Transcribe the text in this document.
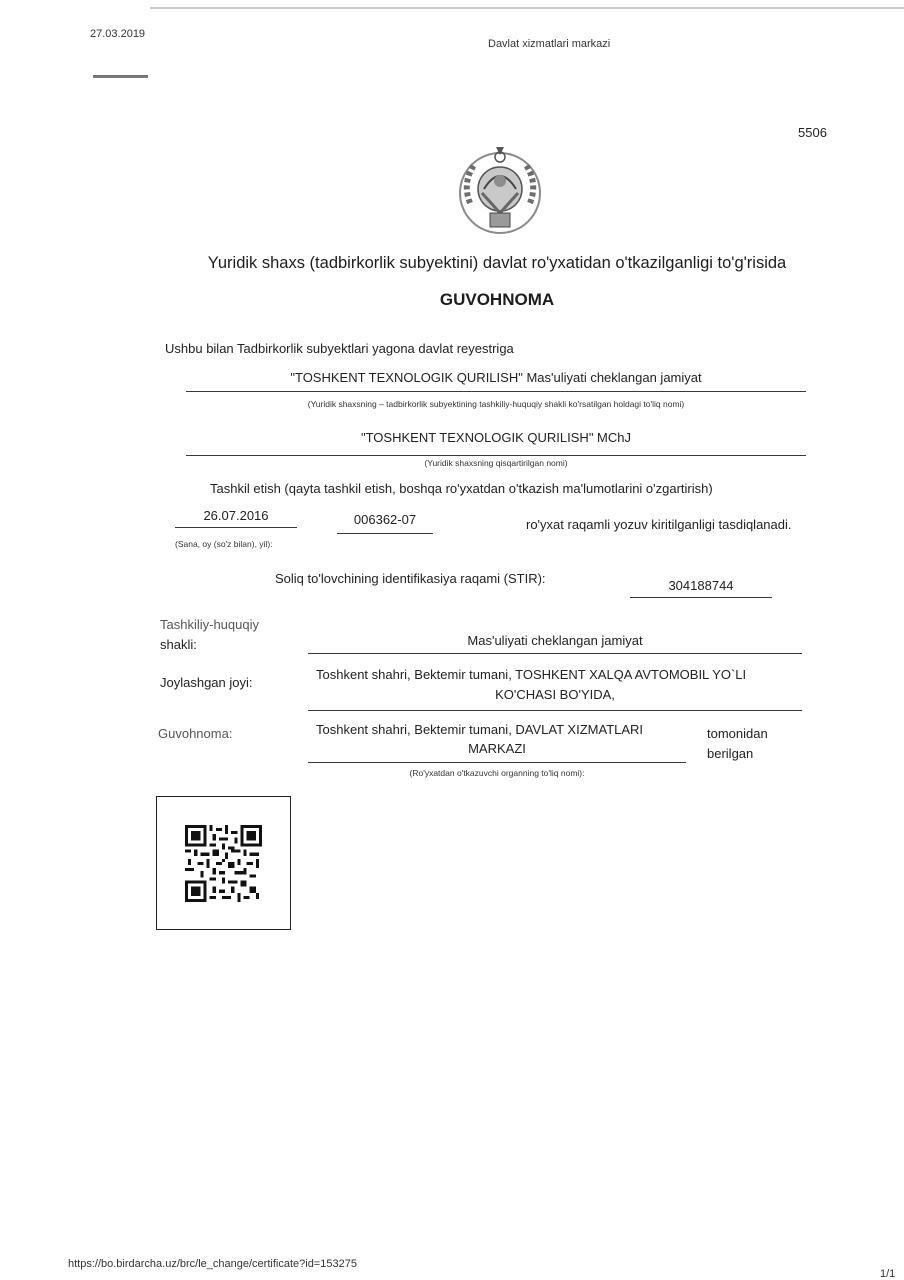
27.03.2019
Davlat xizmatlari markazi
5506
Yuridik shaxs (tadbirkorlik subyektini) davlat ro'yxatidan o'tkazilganligi to'g'risida
GUVOHNOMA
Ushbu bilan Tadbirkorlik subyektlari yagona davlat reyestriga
"TOSHKENT TEXNOLOGIK QURILISH" Mas'uliyati cheklangan jamiyat
(Yuridik shaxsning – tadbirkorlik subyektining tashkiliy-huquqiy shakli ko'rsatilgan holdagi to'liq nomi)
"TOSHKENT TEXNOLOGIK QURILISH" MChJ
(Yuridik shaxsning qisqartirilgan nomi)
Tashkil etish (qayta tashkil etish, boshqa ro'yxatdan o'tkazish ma'lumotlarini o'zgartirish)
26.07.2016
(Sana, oy (so'z bilan), yil):
006362-07	ro'yxat raqamli yozuv kiritilganligi tasdiqlanadi.
Soliq to'lovchining identifikasiya raqami (STIR):	304188744
Tashkiliy-huquqiy
shakli:	Mas'uliyati cheklangan jamiyat
Joylashgan joyi:
Toshkent shahri, Bektemir tumani, TOSHKENT XALQA AVTOMOBIL YO`LI
KO'CHASI BO'YIDA,
Guvohnoma:	Toshkent shahri, Bektemir tumani, DAVLAT XIZMATLARI
MARKAZI
(Ro'yxatdan o'tkazuvchi organning to'liq nomi):
tomonidan
berilgan
https://bo.birdarcha.uz/brc/le_change/certificate?id=153275
1/1
